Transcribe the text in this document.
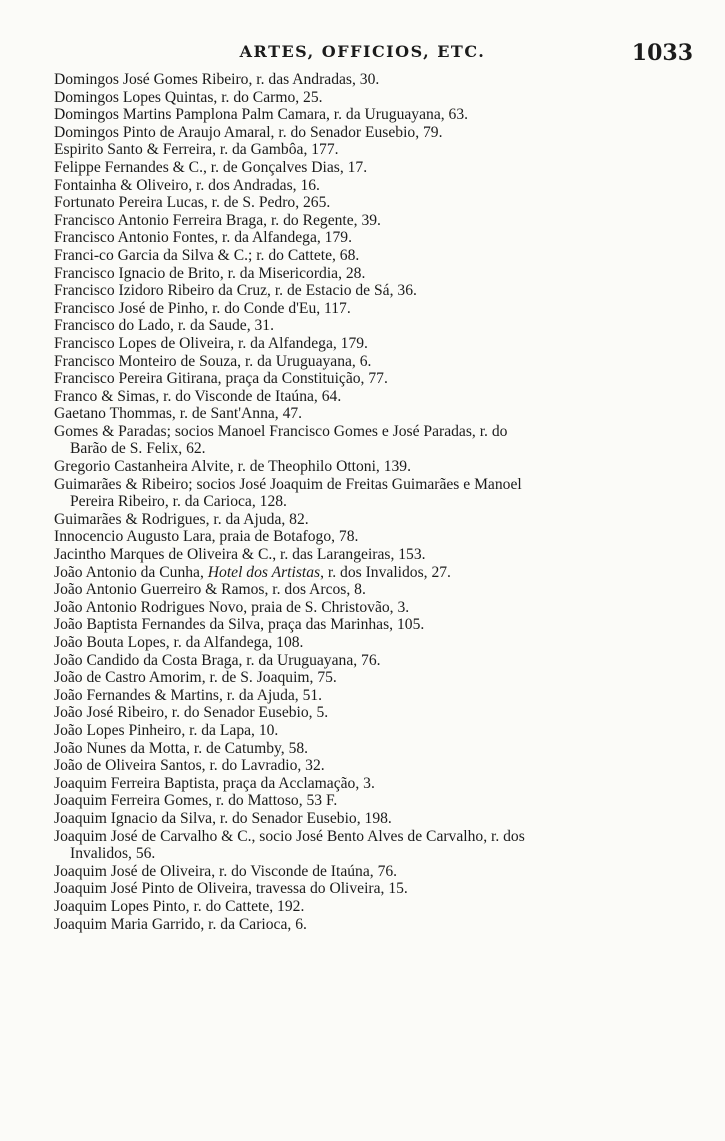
ARTES, OFFICIOS, ETC.	1033
Domingos José Gomes Ribeiro, r. das Andradas, 30.
Domingos Lopes Quintas, r. do Carmo, 25.
Domingos Martins Pamplona Palm Camara, r. da Uruguayana, 63.
Domingos Pinto de Araujo Amaral, r. do Senador Eusebio, 79.
Espirito Santo & Ferreira, r. da Gambôa, 177.
Felippe Fernandes & C., r. de Gonçalves Dias, 17.
Fontainha & Oliveiro, r. dos Andradas, 16.
Fortunato Pereira Lucas, r. de S. Pedro, 265.
Francisco Antonio Ferreira Braga, r. do Regente, 39.
Francisco Antonio Fontes, r. da Alfandega, 179.
Franci-co Garcia da Silva & C.; r. do Cattete, 68.
Francisco Ignacio de Brito, r. da Misericordia, 28.
Francisco Izidoro Ribeiro da Cruz, r. de Estacio de Sá, 36.
Francisco José de Pinho, r. do Conde d'Eu, 117.
Francisco do Lado, r. da Saude, 31.
Francisco Lopes de Oliveira, r. da Alfandega, 179.
Francisco Monteiro de Souza, r. da Uruguayana, 6.
Francisco Pereira Gitirana, praça da Constituição, 77.
Franco & Simas, r. do Visconde de Itaúna, 64.
Gaetano Thommas, r. de Sant'Anna, 47.
Gomes & Paradas; socios Manoel Francisco Gomes e José Paradas, r. do
Barão de S. Felix, 62.
Gregorio Castanheira Alvite, r. de Theophilo Ottoni, 139.
Guimarães & Ribeiro; socios José Joaquim de Freitas Guimarães e Manoel
Pereira Ribeiro, r. da Carioca, 128.
Guimarães & Rodrigues, r. da Ajuda, 82.
Innocencio Augusto Lara, praia de Botafogo, 78.
Jacintho Marques de Oliveira & C., r. das Larangeiras, 153.
João Antonio da Cunha, Hotel dos Artistas, r. dos Invalidos, 27.
João Antonio Guerreiro & Ramos, r. dos Arcos, 8.
João Antonio Rodrigues Novo, praia de S. Christovão, 3.
João Baptista Fernandes da Silva, praça das Marinhas, 105.
João Bouta Lopes, r. da Alfandega, 108.
João Candido da Costa Braga, r. da Uruguayana, 76.
João de Castro Amorim, r. de S. Joaquim, 75.
João Fernandes & Martins, r. da Ajuda, 51.
João José Ribeiro, r. do Senador Eusebio, 5.
João Lopes Pinheiro, r. da Lapa, 10.
João Nunes da Motta, r. de Catumby, 58.
João de Oliveira Santos, r. do Lavradio, 32.
Joaquim Ferreira Baptista, praça da Acclamação, 3.
Joaquim Ferreira Gomes, r. do Mattoso, 53 F.
Joaquim Ignacio da Silva, r. do Senador Eusebio, 198.
Joaquim José de Carvalho & C., socio José Bento Alves de Carvalho, r. dos
Invalidos, 56.
Joaquim José de Oliveira, r. do Visconde de Itaúna, 76.
Joaquim José Pinto de Oliveira, travessa do Oliveira, 15.
Joaquim Lopes Pinto, r. do Cattete, 192.
Joaquim Maria Garrido, r. da Carioca, 6.
